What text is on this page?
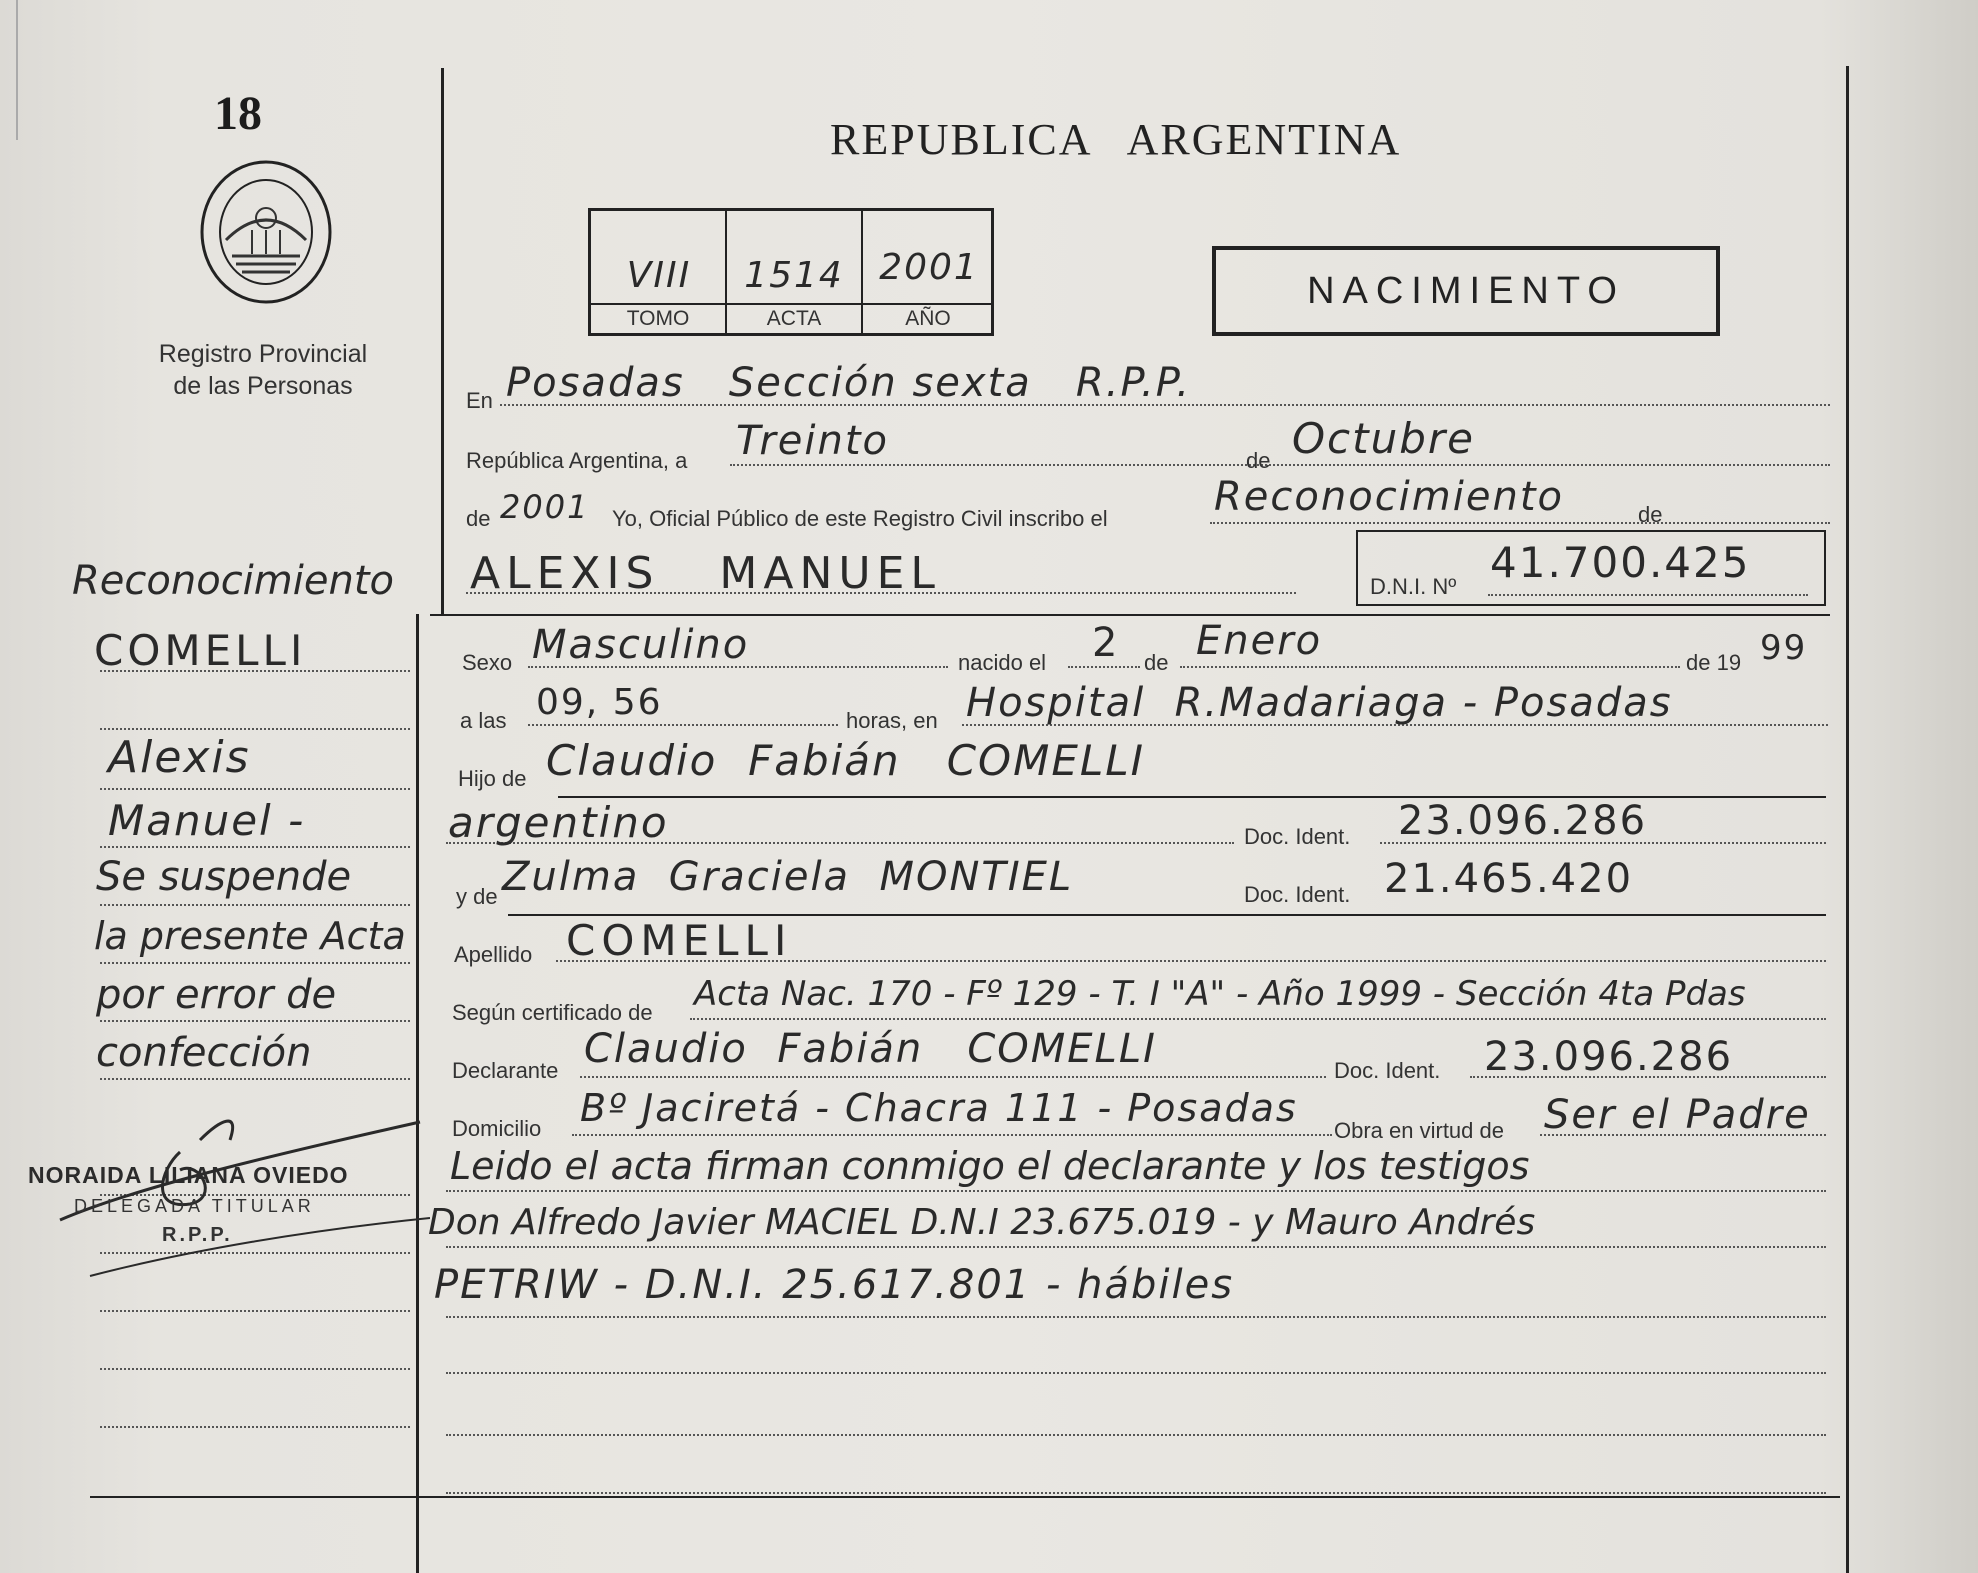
18
Registro Provincial
de las Personas
REPUBLICA   ARGENTINA
VIII	1514 2001
TOMO	ACTA	AÑO
NACIMIENTO
En Posadas   Sección sexta   R.P.P.
República Argentina, a Treinto	de Octubre
de 2001 Yo, Oficial Público de este Registro Civil inscribo el	Reconocimiento	de
ALEXIS   MANUEL	D.N.I. Nº 41.700.425
Sexo Masculino	nacido el 2 de Enero	de 19 99
a las 09, 56	horas, en Hospital  R.Madariaga - Posadas
Hijo de Claudio  Fabián   COMELLI
argentino	Doc. Ident. 23.096.286
y de Zulma  Graciela  MONTIEL	Doc. Ident. 21.465.420
Apellido COMELLI
Según certificado de Acta Nac. 170 - Fº 129 - T. I "A" - Año 1999 - Sección 4ta Pdas
Declarante Claudio  Fabián   COMELLI	Doc. Ident. 23.096.286
Domicilio Bº Jaciretá - Chacra 111 - Posadas
Obra en virtud de Ser el Padre
Leido el acta firman conmigo el declarante y los testigos
Don Alfredo Javier MACIEL D.N.I 23.675.019 - y Mauro Andrés
PETRIW - D.N.I. 25.617.801 - hábiles
Reconocimiento
COMELLI
Alexis
Manuel -
Se suspende
la presente Acta
por error de
confección
NORAIDA LILIANA OVIEDO
DELEGADA TITULAR
R.P.P.
